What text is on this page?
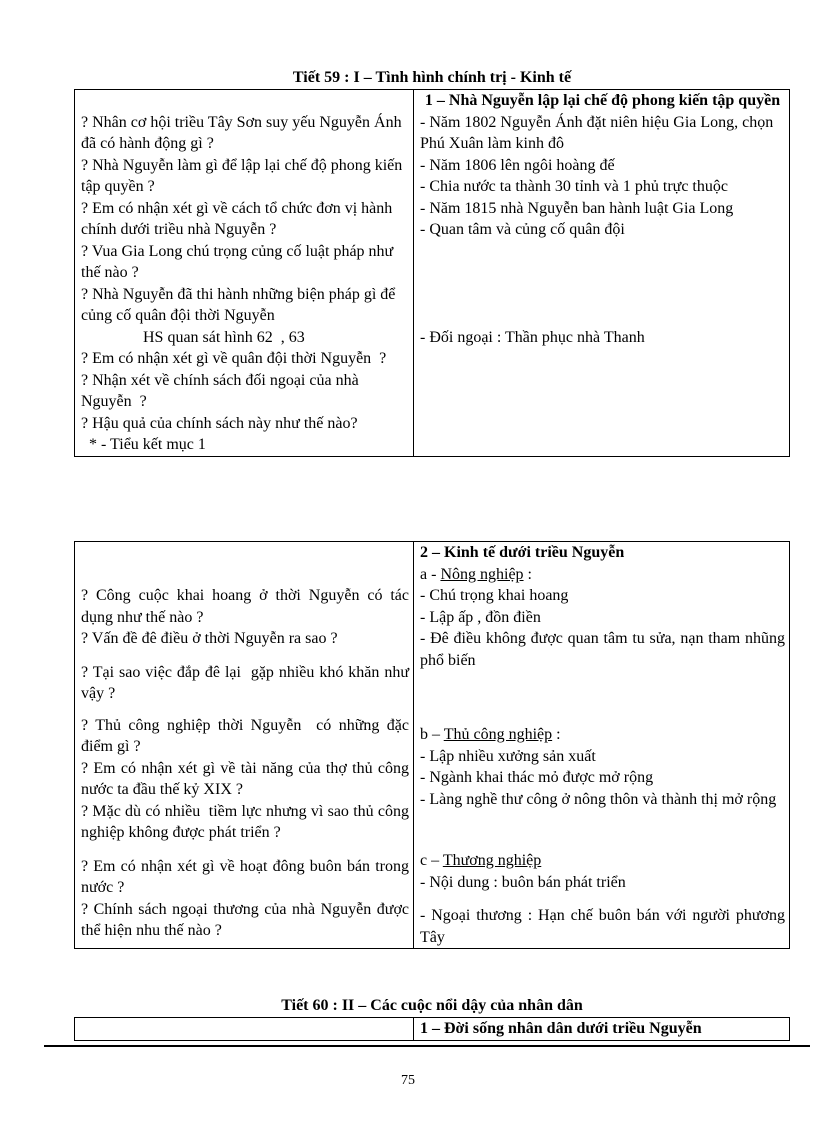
Tiết 59 : I – Tình hình chính trị - Kinh tế
? Nhân cơ hội triều Tây Sơn suy yếu Nguyễn Ánh đã có hành động gì ?
? Nhà Nguyễn làm gì để lập lại chế độ phong kiến tập quyền ?
? Em có nhận xét gì về cách tổ chức đơn vị hành chính dưới triều nhà Nguyễn ?
? Vua Gia Long chú trọng củng cố luật pháp như thế nào ?
? Nhà Nguyễn đã thi hành những biện pháp gì để củng cố quân đội thời Nguyễn
HS quan sát hình 62  , 63
? Em có nhận xét gì về quân đội thời Nguyễn  ?
? Nhận xét về chính sách đối ngoại của nhà Nguyễn  ?
? Hậu quả của chính sách này như thế nào?
* - Tiểu kết mục 1

1 – Nhà Nguyễn lập lại chế độ phong kiến tập quyền
- Năm 1802 Nguyễn Ánh đặt niên hiệu Gia Long, chọn Phú Xuân làm kinh đô
- Năm 1806 lên ngôi hoàng đế
- Chia nước ta thành 30 tỉnh và 1 phủ trực thuộc
- Năm 1815 nhà Nguyễn ban hành luật Gia Long
- Quan tâm và củng cố quân đội
- Đối ngoại : Thần phục nhà Thanh
? Công cuộc khai hoang ở thời Nguyễn có tác dụng như thế nào ?
? Vấn đề đê điều ở thời Nguyễn ra sao ?
? Tại sao việc đắp đê lại  gặp nhiều khó khăn như vậy ?
? Thủ công nghiệp thời Nguyễn  có những đặc điểm gì ?
? Em có nhận xét gì về tài năng của thợ thủ công nước ta đầu thế kỷ XIX ?
? Mặc dù có nhiều  tiềm lực nhưng vì sao thủ công nghiệp không được phát triển ?
? Em có nhận xét gì về hoạt đông buôn bán trong nước ?
? Chính sách ngoại thương của nhà Nguyễn được thể hiện nhu thế nào ?

2 – Kinh tế dưới triều Nguyễn
a - Nông nghiệp :
- Chú trọng khai hoang
- Lập ấp , đồn điền
- Đê điều không được quan tâm tu sửa, nạn tham nhũng phổ biến
b – Thủ công nghiệp :
- Lập nhiều xưởng sản xuất
- Ngành khai thác mỏ được mở rộng
- Làng nghề thư công ở nông thôn và thành thị mở rộng
c – Thương nghiệp
- Nội dung : buôn bán phát triển
- Ngoại thương : Hạn chế buôn bán với người phương Tây
Tiết 60 : II – Các cuộc nổi dậy của nhân dân

1 – Đời sống nhân dân dưới triều Nguyễn
75
